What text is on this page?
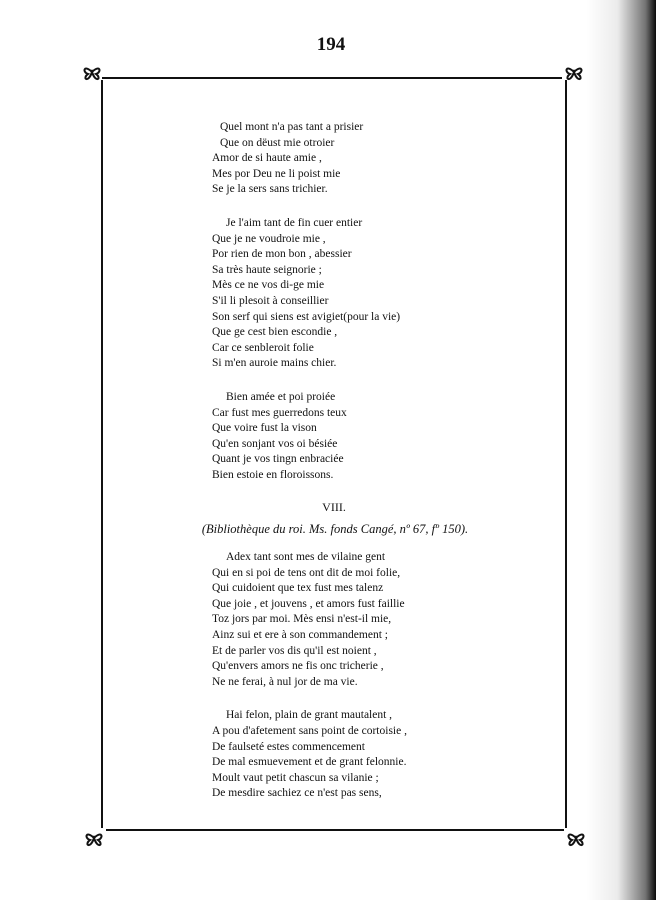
194
Quel mont n'a pas tant a prisier
Que on dëust mie otroier
Amor de si haute amie ,
Mes por Deu ne li poist mie
Se je la sers sans trichier.
Je l'aim tant de fin cuer entier
Que je ne voudroie mie ,
Por rien de mon bon , abessier
Sa très haute seignorie ;
Mès ce ne vos di-ge mie
S'il li plesoit à conseillier
Son serf qui siens est avigiet(pour la vie)
Que ge cest bien escondie ,
Car ce senbleroit folie
Si m'en auroie mains chier.
Bien amée et poi proiée
Car fust mes guerredons teux
Que voire fust la vison
Qu'en sonjant vos oi bésiée
Quant je vos tingn enbraciée
Bien estoie en floroissons.
VIII.
(Bibliothèque du roi. Ms. fonds Cangé, nº 67, fº 150).
Adex tant sont mes de vilaine gent
Qui en si poi de tens ont dit de moi folie,
Qui cuidoient que tex fust mes talenz
Que joie , et jouvens , et amors fust faillie
Toz jors par moi. Mès ensi n'est-il mie,
Ainz sui et ere à son commandement ;
Et de parler vos dis qu'il est noient ,
Qu'envers amors ne fis onc tricherie ,
Ne ne ferai, à nul jor de ma vie.
Hai felon, plain de grant mautalent ,
A pou d'afetement sans point de cortoisie ,
De faulseté estes commencement
De mal esmuevement et de grant felonnie.
Moult vaut petit chascun sa vilanie ;
De mesdire sachiez ce n'est pas sens,
